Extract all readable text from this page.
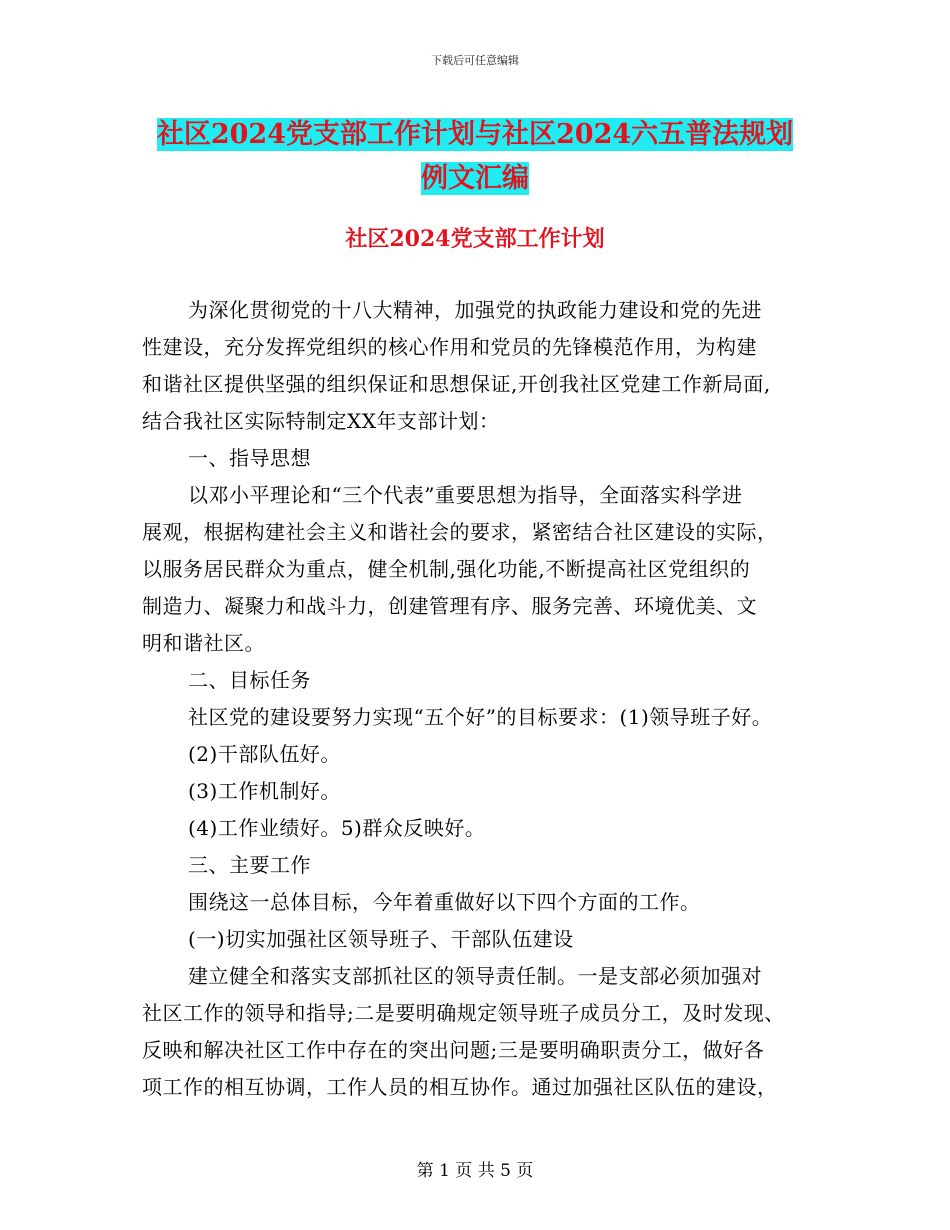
下载后可任意编辑
社区2024党支部工作计划与社区2024六五普法规划
例文汇编
社区2024党支部工作计划
为深化贯彻党的十八大精神，加强党的执政能力建设和党的先进
性建设，充分发挥党组织的核心作用和党员的先锋模范作用，为构建
和谐社区提供坚强的组织保证和思想保证,开创我社区党建工作新局面,
结合我社区实际特制定XX年支部计划：
一、指导思想
以邓小平理论和“三个代表”重要思想为指导，全面落实科学进
展观，根据构建社会主义和谐社会的要求，紧密结合社区建设的实际，
以服务居民群众为重点，健全机制,强化功能,不断提高社区党组织的
制造力、凝聚力和战斗力，创建管理有序、服务完善、环境优美、文
明和谐社区。
二、目标任务
社区党的建设要努力实现“五个好”的目标要求：(1)领导班子好。
(2)干部队伍好。
(3)工作机制好。
(4)工作业绩好。5)群众反映好。
三、主要工作
围绕这一总体目标，今年着重做好以下四个方面的工作。
(一)切实加强社区领导班子、干部队伍建设
建立健全和落实支部抓社区的领导责任制。一是支部必须加强对
社区工作的领导和指导;二是要明确规定领导班子成员分工，及时发现、
反映和解决社区工作中存在的突出问题;三是要明确职责分工，做好各
项工作的相互协调，工作人员的相互协作。通过加强社区队伍的建设，
第 1 页 共 5 页
